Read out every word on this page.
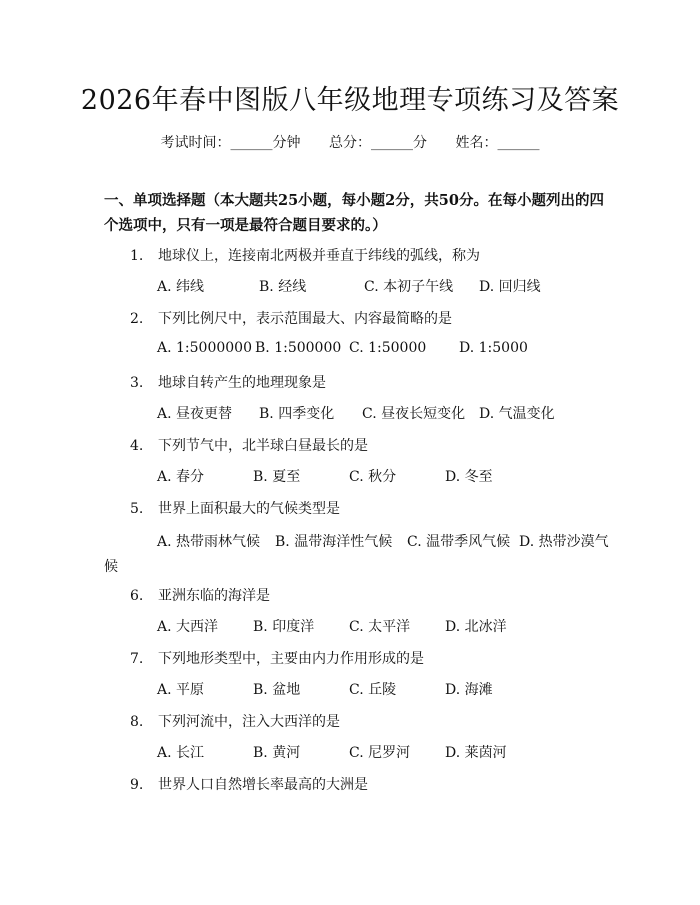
2026年春中图版八年级地理专项练习及答案
考试时间：______分钟 总分：______分 姓名：______
一、单项选择题（本大题共25小题，每小题2分，共50分。在每小题列出的四个选项中，只有一项是最符合题目要求的。）
1. 地球仪上，连接南北两极并垂直于纬线的弧线，称为
A. 纬线	B. 经线	C. 本初子午线 D. 回归线
2. 下列比例尺中，表示范围最大、内容最简略的是
A. 1:5000000 B. 1:500000 C. 1:50000 D. 1:5000
3. 地球自转产生的地理现象是
A. 昼夜更替 B. 四季变化 C. 昼夜长短变化 D. 气温变化
4. 下列节气中，北半球白昼最长的是
A. 春分	B. 夏至	C. 秋分	D. 冬至
5. 世界上面积最大的气候类型是
A. 热带雨林气候 B. 温带海洋性气候 C. 温带季风气候 D. 热带沙漠气
候
6. 亚洲东临的海洋是
A. 大西洋 B. 印度洋 C. 太平洋 D. 北冰洋
7. 下列地形类型中，主要由内力作用形成的是
A. 平原	B. 盆地	C. 丘陵	D. 海滩
8. 下列河流中，注入大西洋的是
A. 长江	B. 黄河	C. 尼罗河 D. 莱茵河
9. 世界人口自然增长率最高的大洲是
